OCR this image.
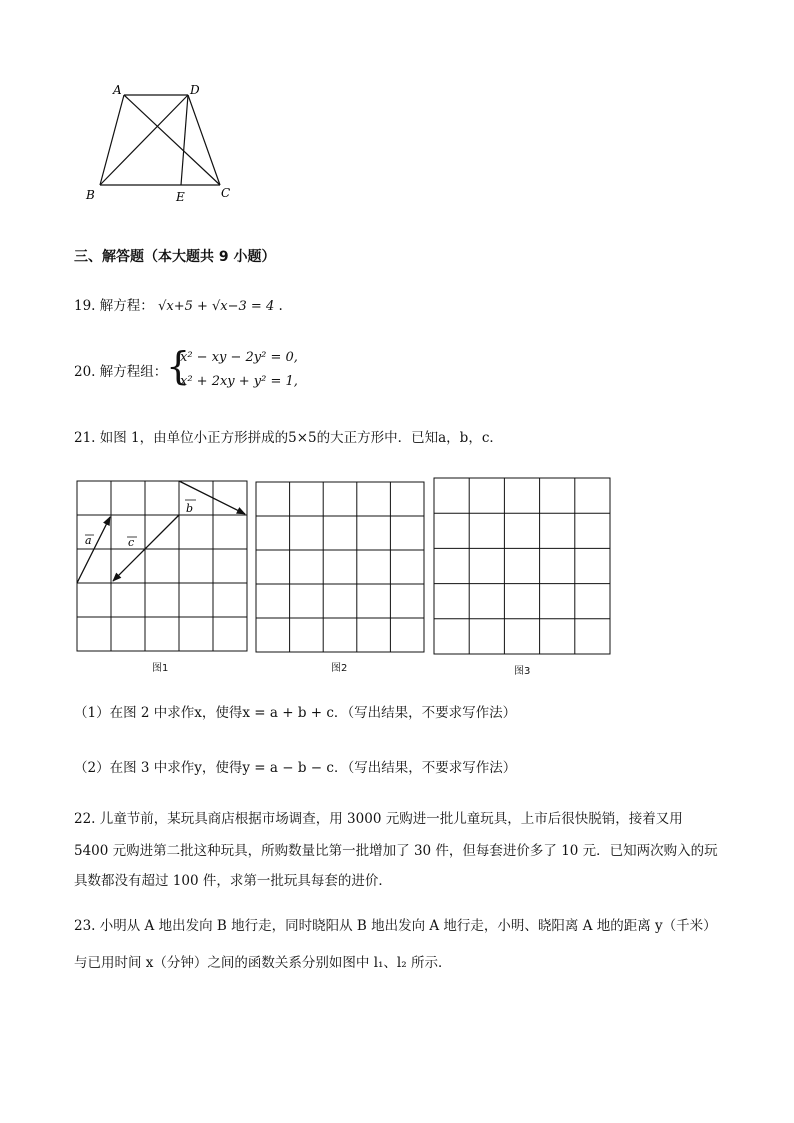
A	D
B	E	C
三、解答题（本大题共 9 小题）
19. 解方程： √x+5 + √x−3 = 4 .
20. 解方程组：
{
x² − xy − 2y² = 0,
x² + 2xy + y² = 1,
21. 如图 1，由单位小正方形拼成的5×5的大正方形中．已知a，b，c．
a
b
c
图1	图2	图3
（1）在图 2 中求作x，使得x = a + b + c．（写出结果，不要求写作法）
（2）在图 3 中求作y，使得y = a − b − c．（写出结果，不要求写作法）
22. 儿童节前，某玩具商店根据市场调查，用 3000 元购进一批儿童玩具，上市后很快脱销，接着又用
5400 元购进第二批这种玩具，所购数量比第一批增加了 30 件，但每套进价多了 10 元．已知两次购入的玩
具数都没有超过 100 件，求第一批玩具每套的进价．
23. 小明从 A 地出发向 B 地行走，同时晓阳从 B 地出发向 A 地行走，小明、晓阳离 A 地的距离 y（千米）
与已用时间 x（分钟）之间的函数关系分别如图中 l₁、l₂ 所示．
